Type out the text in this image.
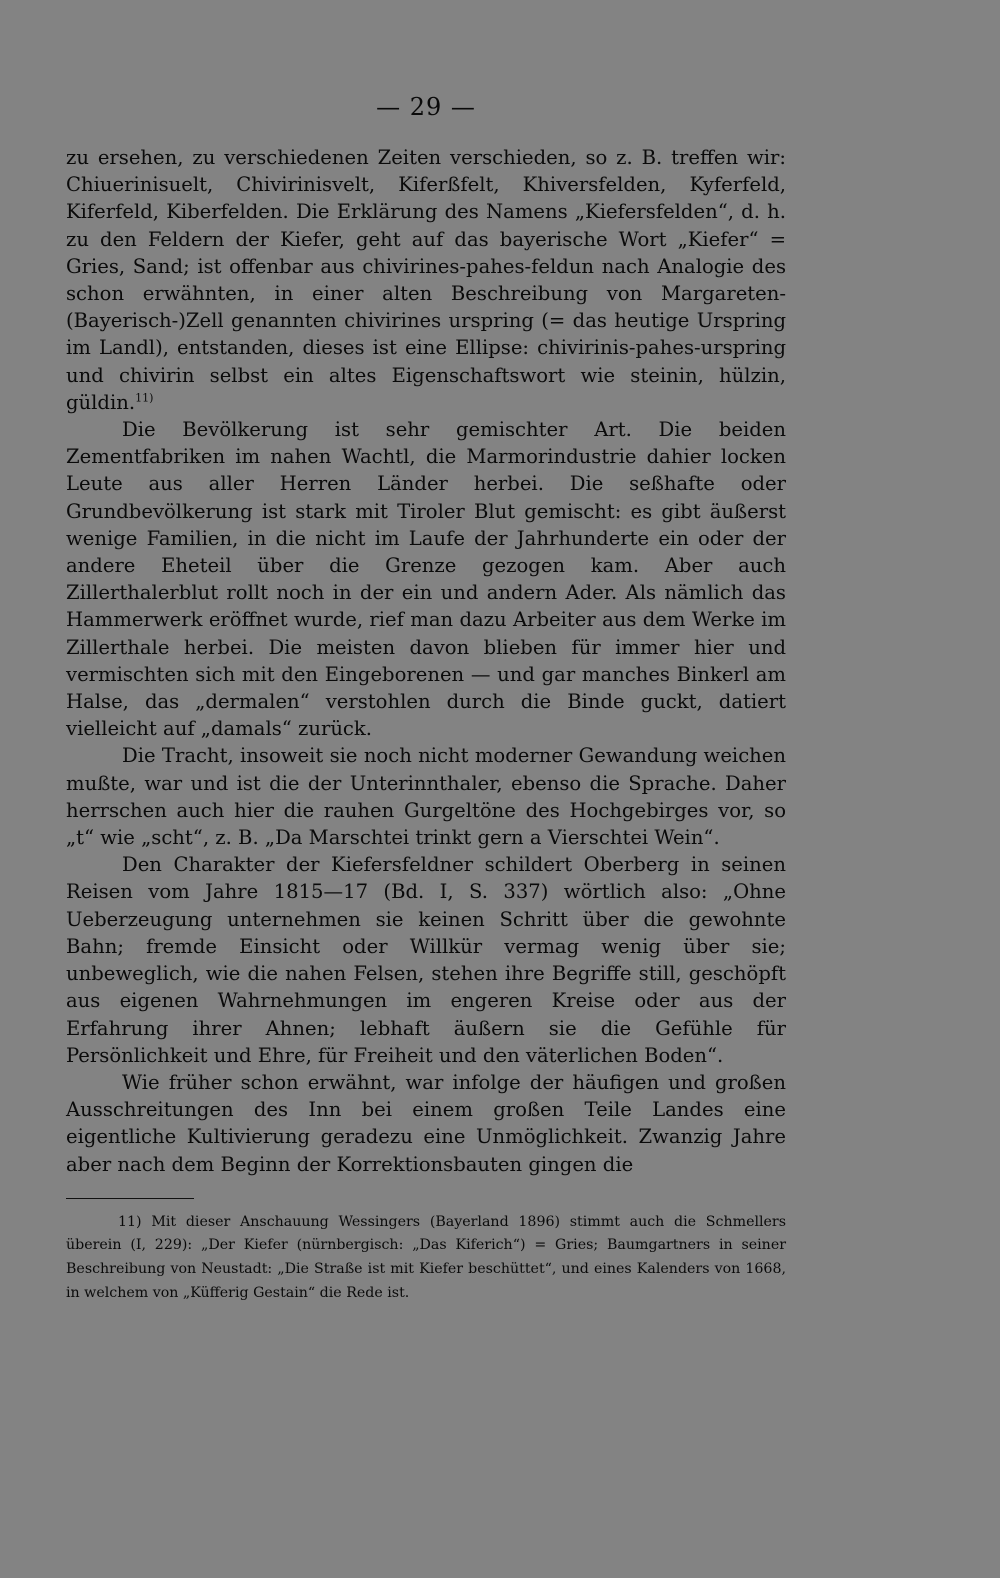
— 29 —

zu ersehen, zu verschiedenen Zeiten verschieden, so z. B. treffen wir: Chiuerinisuelt, Chivirinisvelt, Kiferßfelt, Khiversfelden, Kyferfeld, Kiferfeld, Kiberfelden. Die Erklärung des Namens „Kiefersfelden“, d. h. zu den Feldern der Kiefer, geht auf das bayerische Wort „Kiefer“ = Gries, Sand; ist offenbar aus chivirines-pahes-feldun nach Analogie des schon erwähnten, in einer alten Beschreibung von Margareten-(Bayerisch-)Zell genannten chivirines urspring (= das heutige Urspring im Landl), entstanden, dieses ist eine Ellipse: chivirinis-pahes-urspring und chivirin selbst ein altes Eigenschaftswort wie steinin, hülzin, güldin.$^{11)}$

Die Bevölkerung ist sehr gemischter Art. Die beiden Zementfabriken im nahen Wachtl, die Marmorindustrie dahier locken Leute aus aller Herren Länder herbei. Die seßhafte oder Grundbevölkerung ist stark mit Tiroler Blut gemischt: es gibt äußerst wenige Familien, in die nicht im Laufe der Jahrhunderte ein oder der andere Eheteil über die Grenze gezogen kam. Aber auch Zillerthalerblut rollt noch in der ein und andern Ader. Als nämlich das Hammerwerk eröffnet wurde, rief man dazu Arbeiter aus dem Werke im Zillerthale herbei. Die meisten davon blieben für immer hier und vermischten sich mit den Eingeborenen — und gar manches Binkerl am Halse, das „dermalen“ verstohlen durch die Binde guckt, datiert vielleicht auf „damals“ zurück.

Die Tracht, insoweit sie noch nicht moderner Gewandung weichen mußte, war und ist die der Unterinnthaler, ebenso die Sprache. Daher herrschen auch hier die rauhen Gurgeltöne des Hochgebirges vor, so „t“ wie „scht“, z. B. „Da Marschtei trinkt gern a Vierschtei Wein“.

Den Charakter der Kiefersfeldner schildert Oberberg in seinen Reisen vom Jahre 1815—17 (Bd. I, S. 337) wörtlich also: „Ohne Ueberzeugung unternehmen sie keinen Schritt über die gewohnte Bahn; fremde Einsicht oder Willkür vermag wenig über sie; unbeweglich, wie die nahen Felsen, stehen ihre Begriffe still, geschöpft aus eigenen Wahrnehmungen im engeren Kreise oder aus der Erfahrung ihrer Ahnen; lebhaft äußern sie die Gefühle für Persönlichkeit und Ehre, für Freiheit und den väterlichen Boden“.

Wie früher schon erwähnt, war infolge der häufigen und großen Ausschreitungen des Inn bei einem großen Teile Landes eine eigentliche Kultivierung geradezu eine Unmöglichkeit. Zwanzig Jahre aber nach dem Beginn der Korrektionsbauten gingen die

11) Mit dieser Anschauung Wessingers (Bayerland 1896) stimmt auch die Schmellers überein (I, 229): „Der Kiefer (nürnbergisch: „Das Kiferich“) = Gries; Baumgartners in seiner Beschreibung von Neustadt: „Die Straße ist mit Kiefer beschüttet“, und eines Kalenders von 1668, in welchem von „Küfferig Gestain“ die Rede ist.
